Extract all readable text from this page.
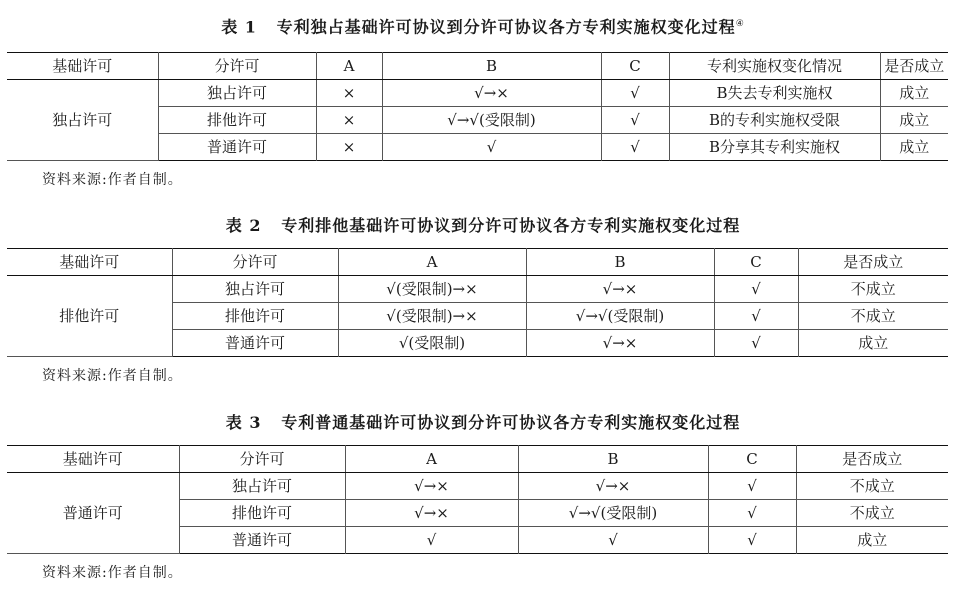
表 1 专利独占基础许可协议到分许可协议各方专利实施权变化过程④
基础许可	分许可	A	B	C	专利实施权变化情况	是否成立
独占许可	独占许可	×	√→×	√	B失去专利实施权	成立
	排他许可	×	√→√(受限制)	√	B的专利实施权受限	成立
	普通许可	×	√	√	B分享其专利实施权	成立
资料来源:作者自制。
表 2 专利排他基础许可协议到分许可协议各方专利实施权变化过程
基础许可	分许可	A	B	C	是否成立
排他许可	独占许可	√(受限制)→×	√→×	√	不成立
	排他许可	√(受限制)→×	√→√(受限制)	√	不成立
	普通许可	√(受限制)	√→×	√	成立
资料来源:作者自制。
表 3 专利普通基础许可协议到分许可协议各方专利实施权变化过程
基础许可	分许可	A	B	C	是否成立
普通许可	独占许可	√→×	√→×	√	不成立
	排他许可	√→×	√→√(受限制)	√	不成立
	普通许可	√	√	√	成立
资料来源:作者自制。
